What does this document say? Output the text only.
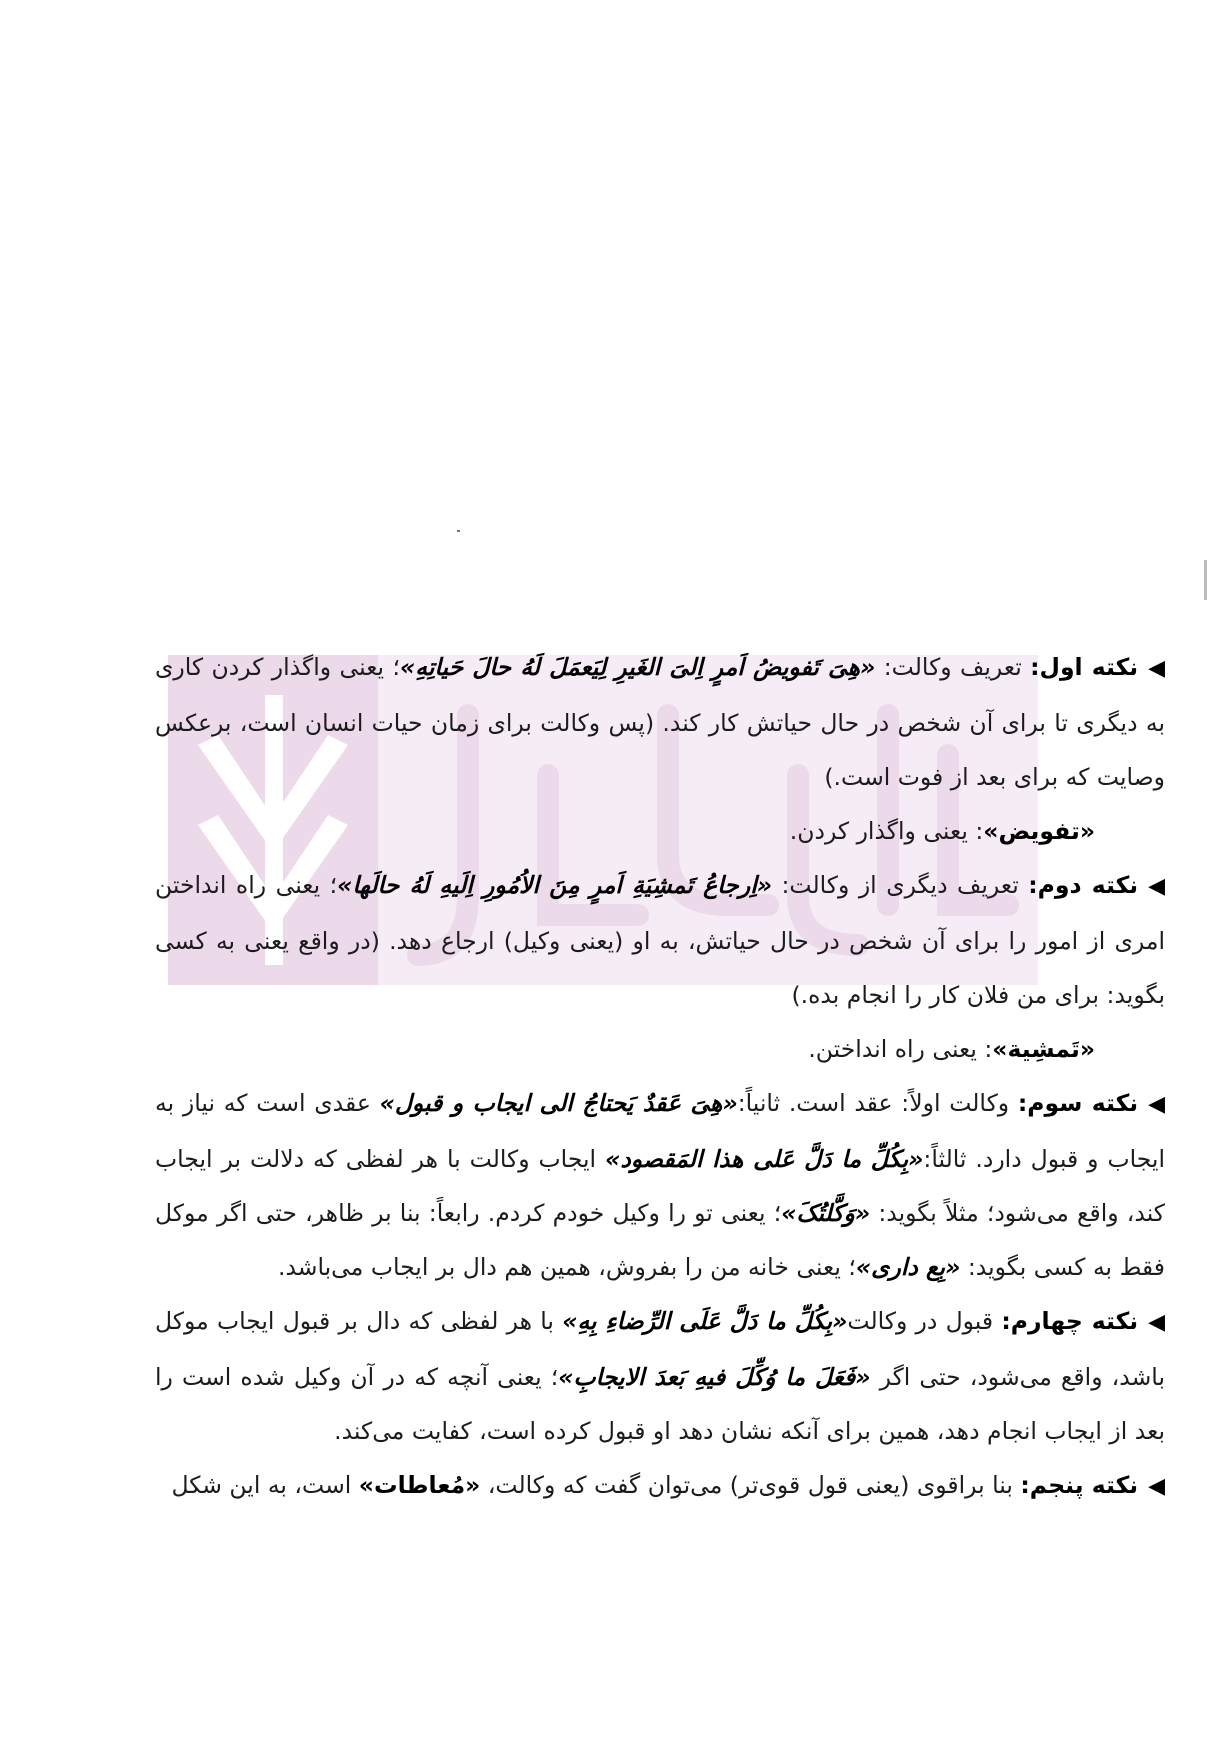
◀نکته اول: تعریف وکالت: «هِیَ تَفویضُ اَمرٍ اِلیَ الغَیرِ لِیَعمَلَ لَهُ حالَ حَیاتِهِ»؛ یعنی واگذار کردن کاری به دیگری تا برای آن شخص در حال حیاتش کار کند. (پس وکالت برای زمان حیات انسان است، برعکس وصایت که برای بعد از فوت است.)

«تفویض»: یعنی واگذار کردن.

◀نکته دوم: تعریف دیگری از وکالت: «اِرجاعُ تَمشِیَةِ اَمرٍ مِنَ الاُمُورِ اِلَیهِ لَهُ حالَها»؛ یعنی راه انداختن امری از امور را برای آن شخص در حال حیاتش، به او (یعنی وکیل) ارجاع دهد. (در واقع یعنی به کسی بگوید: برای من فلان کار را انجام بده.)

«تَمشِیة»: یعنی راه انداختن.

◀نکته سوم: وکالت اولاً: عقد است. ثانیاً:«هِیَ عَقدٌ یَحتاجُ الی ایجاب و قبول» عقدی است که نیاز به ایجاب و قبول دارد. ثالثاً:«بِکُلِّ ما دَلَّ عَلی هذا المَقصود» ایجاب وکالت با هر لفظی که دلالت بر ایجاب کند، واقع می‌شود؛ مثلاً بگوید: «وَکَّلتُکَ»؛ یعنی تو را وکیل خودم کردم. رابعاً: بنا بر ظاهر، حتی اگر موکل فقط به کسی بگوید: «بِع داری»؛ یعنی خانه من را بفروش، همین هم دال بر ایجاب می‌باشد.

◀نکته چهارم: قبول در وکالت«بِکُلِّ ما دَلَّ عَلَی الرِّضاءِ بِهِ» با هر لفظی که دال بر قبول ایجاب موکل باشد، واقع می‌شود، حتی اگر «فَعَلَ ما وُکِّلَ فیهِ بَعدَ الایجابِ»؛ یعنی آنچه که در آن وکیل شده است را بعد از ایجاب انجام دهد، همین برای آنکه نشان دهد او قبول کرده است، کفایت می‌کند.

◀نکته پنجم: بنا براقوی (یعنی قول قوی‌تر) می‌توان گفت که وکالت، «مُعاطات» است، به این شکل
